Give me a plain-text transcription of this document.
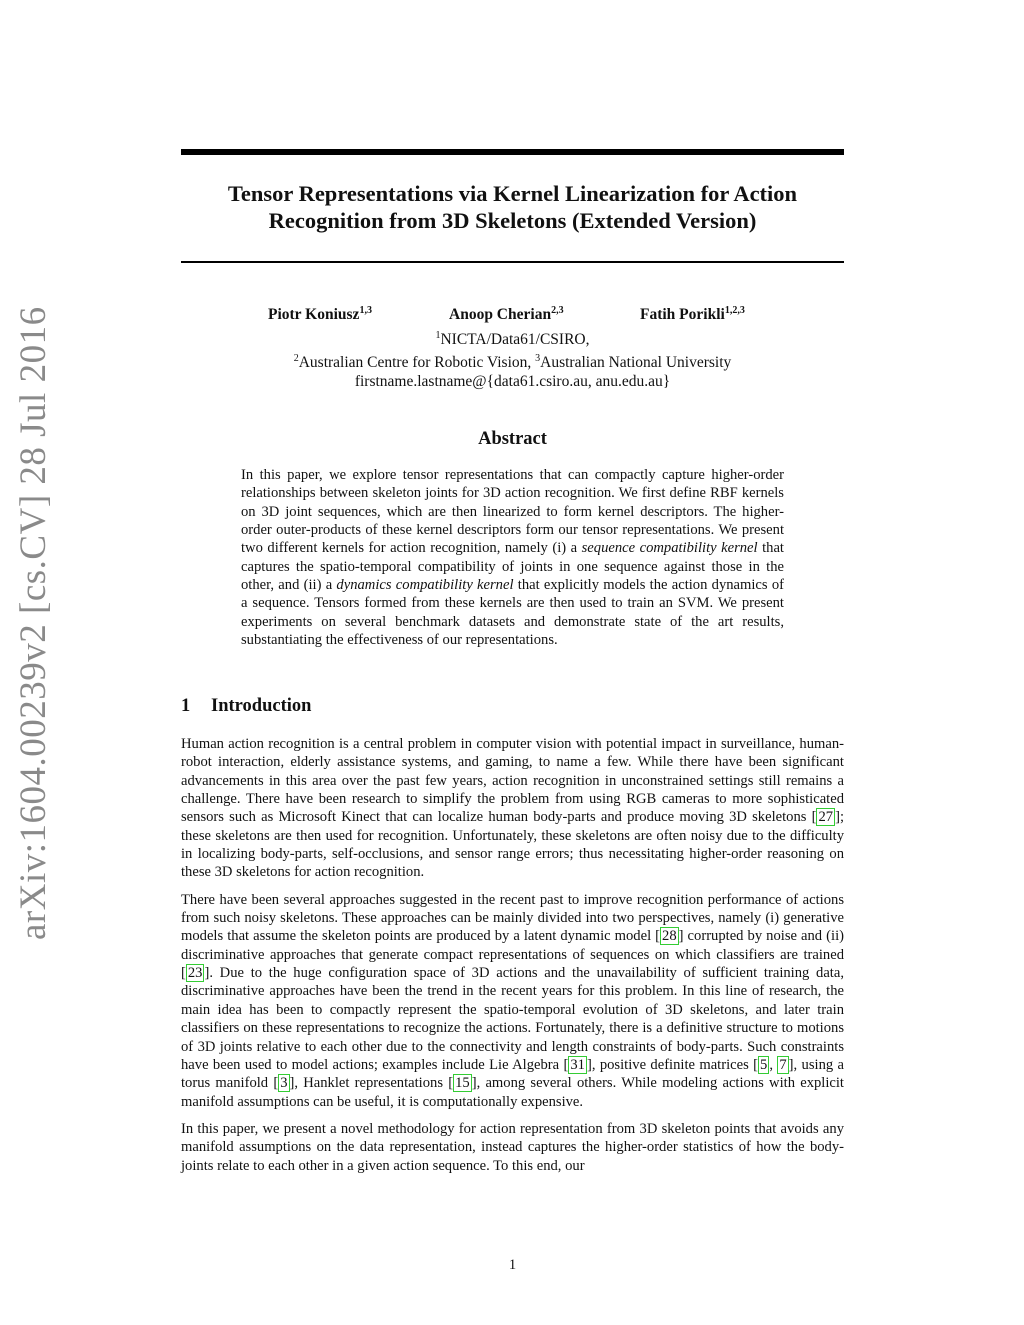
arXiv:1604.00239v2 [cs.CV] 28 Jul 2016
Tensor Representations via Kernel Linearization for Action Recognition from 3D Skeletons (Extended Version)
Piotr Koniusz$^{1,3}$	Anoop Cherian$^{2,3}$	Fatih Porikli$^{1,2,3}$
$^1$NICTA/Data61/CSIRO,
$^2$Australian Centre for Robotic Vision, $^3$Australian National University
firstname.lastname@{data61.csiro.au, anu.edu.au}
Abstract
In this paper, we explore tensor representations that can compactly capture higher-order relationships between skeleton joints for 3D action recognition. We first define RBF kernels on 3D joint sequences, which are then linearized to form kernel descriptors. The higher-order outer-products of these kernel descriptors form our tensor representations. We present two different kernels for action recognition, namely (i) a sequence compatibility kernel that captures the spatio-temporal compatibility of joints in one sequence against those in the other, and (ii) a dynamics compatibility kernel that explicitly models the action dynamics of a sequence. Tensors formed from these kernels are then used to train an SVM. We present experiments on several benchmark datasets and demonstrate state of the art results, substantiating the effectiveness of our representations.
1 Introduction

Human action recognition is a central problem in computer vision with potential impact in surveillance, human-robot interaction, elderly assistance systems, and gaming, to name a few. While there have been significant advancements in this area over the past few years, action recognition in unconstrained settings still remains a challenge. There have been research to simplify the problem from using RGB cameras to more sophisticated sensors such as Microsoft Kinect that can localize human body-parts and produce moving 3D skeletons [ 27 ]; these skeletons are then used for recognition. Unfortunately, these skeletons are often noisy due to the difficulty in localizing body-parts, self-occlusions, and sensor range errors; thus necessitating higher-order reasoning on these 3D skeletons for action recognition.

There have been several approaches suggested in the recent past to improve recognition performance of actions from such noisy skeletons. These approaches can be mainly divided into two perspectives, namely (i) generative models that assume the skeleton points are produced by a latent dynamic model [ 28 ] corrupted by noise and (ii) discriminative approaches that generate compact representations of sequences on which classifiers are trained [ 23 ]. Due to the huge configuration space of 3D actions and the unavailability of sufficient training data, discriminative approaches have been the trend in the recent years for this problem. In this line of research, the main idea has been to compactly represent the spatio-temporal evolution of 3D skeletons, and later train classifiers on these representations to recognize the actions. Fortunately, there is a definitive structure to motions of 3D joints relative to each other due to the connectivity and length constraints of body-parts. Such constraints have been used to model actions; examples include Lie Algebra [ 31 ], positive definite matrices [ 5 , 7 ], using a torus manifold [ 3 ], Hanklet representations [ 15 ], among several others. While modeling actions with explicit manifold assumptions can be useful, it is computationally expensive.

In this paper, we present a novel methodology for action representation from 3D skeleton points that avoids any manifold assumptions on the data representation, instead captures the higher-order statistics of how the body-joints relate to each other in a given action sequence. To this end, our

1
